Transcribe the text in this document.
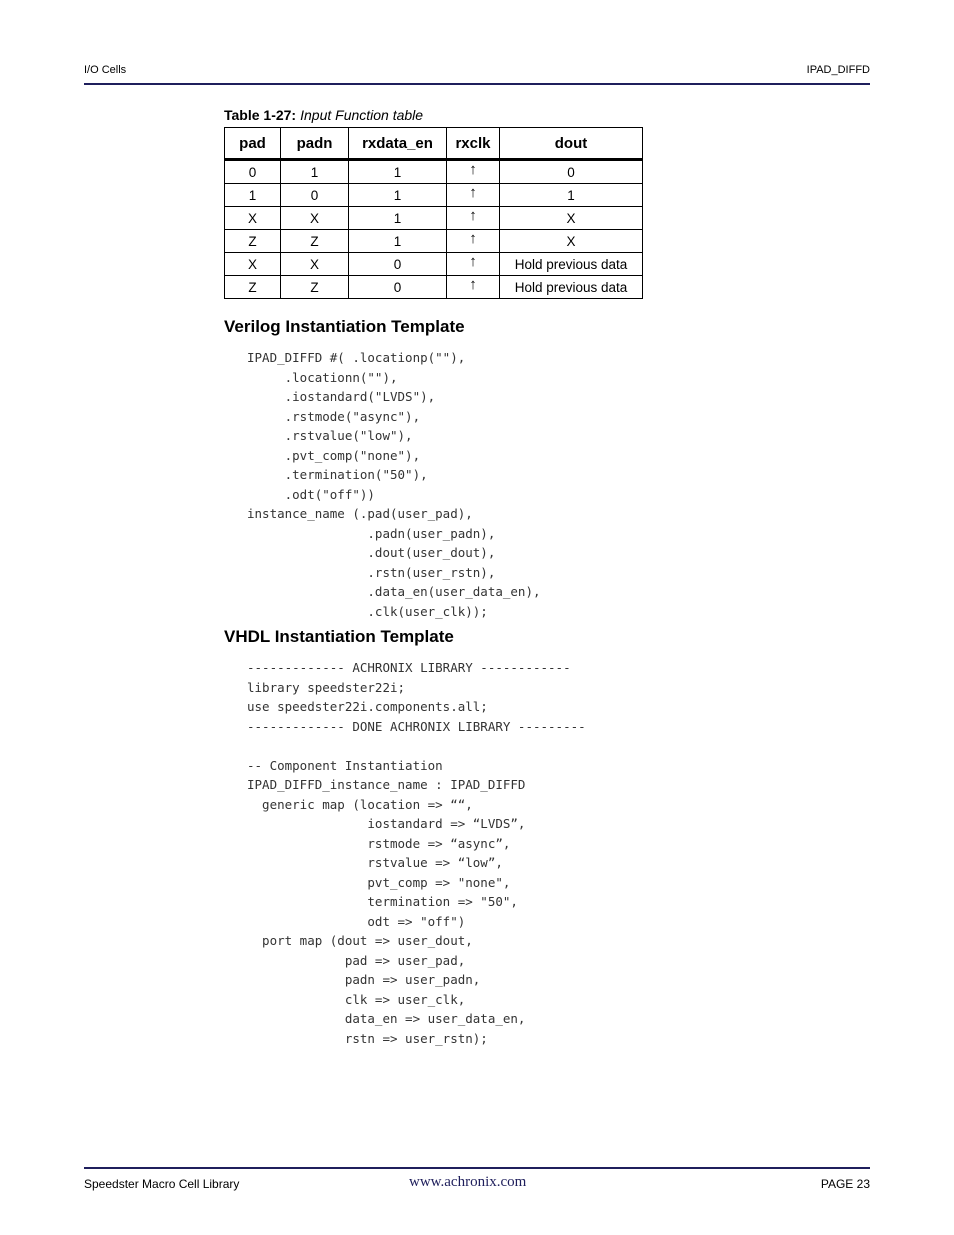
I/O Cells	IPAD_DIFFD
Table 1-27: Input Function table
pad	padn	rxdata_en	rxclk	dout
0	1	1	↑	0
1	0	1	↑	1
X	X	1	↑	X
Z	Z	1	↑	X
X	X	0	↑	Hold previous data
Z	Z	0	↑	Hold previous data
Verilog Instantiation Template
IPAD_DIFFD #( .locationp(""),
.locationn(""),
.iostandard("LVDS"),
.rstmode("async"),
.rstvalue("low"),
.pvt_comp("none"),
.termination("50"),
.odt("off"))
instance_name (.pad(user_pad),
.padn(user_padn),
.dout(user_dout),
.rstn(user_rstn),
.data_en(user_data_en),
.clk(user_clk));
VHDL Instantiation Template
------------- ACHRONIX LIBRARY ------------
library speedster22i;
use speedster22i.components.all;
------------- DONE ACHRONIX LIBRARY ---------

-- Component Instantiation
IPAD_DIFFD_instance_name : IPAD_DIFFD
generic map (location => ““,
iostandard => “LVDS”,
rstmode => “async”,
rstvalue => “low”,
pvt_comp => "none",
termination => "50",
odt => "off")
port map (dout => user_dout,
pad => user_pad,
padn => user_padn,
clk => user_clk,
data_en => user_data_en,
rstn => user_rstn);
Speedster Macro Cell Library	www.achronix.com	PAGE 23
